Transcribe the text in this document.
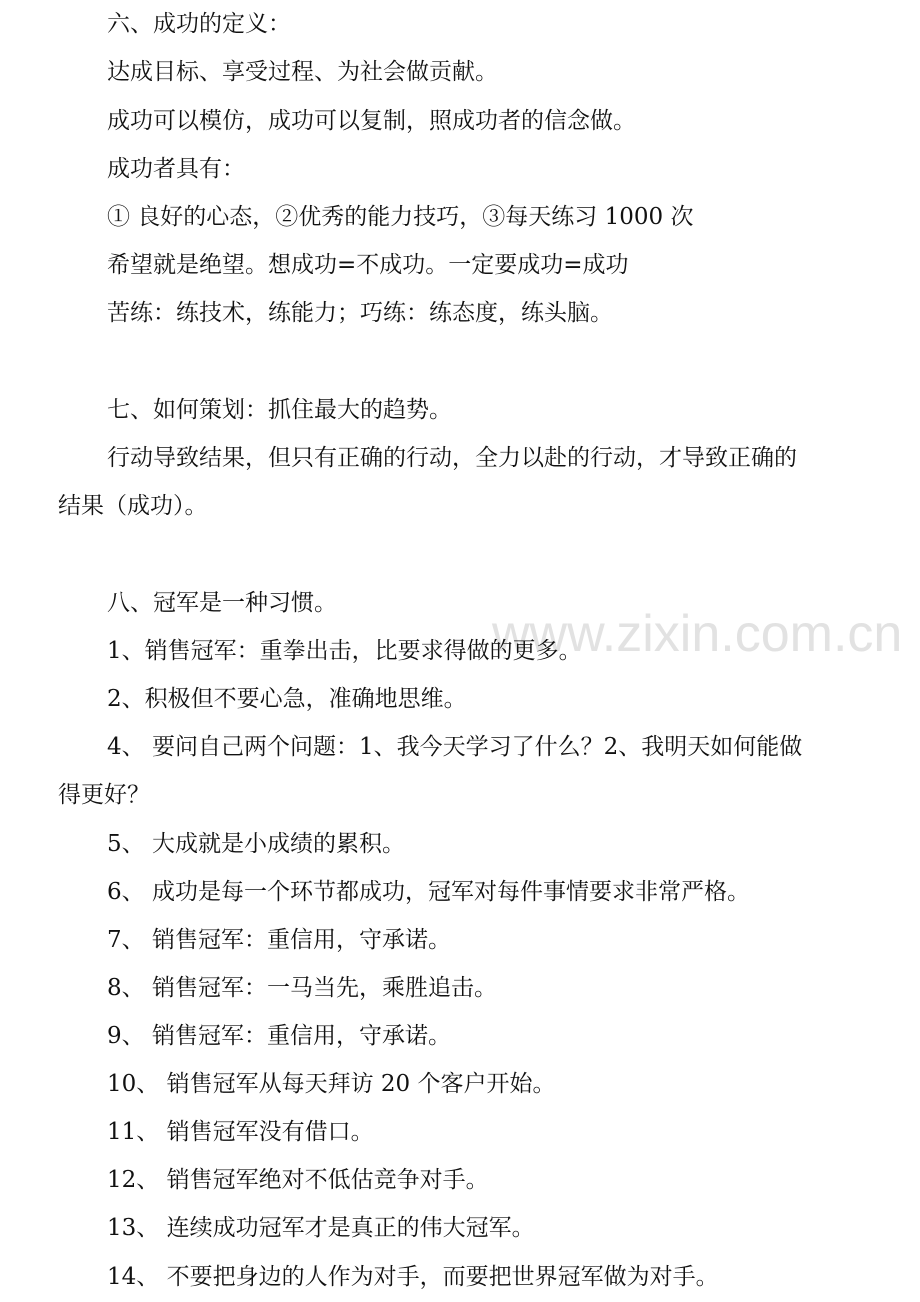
www.zixin.com.cn
六、成功的定义：
达成目标、享受过程、为社会做贡献。
成功可以模仿，成功可以复制，照成功者的信念做。
成功者具有：
① 良好的心态，②优秀的能力技巧，③每天练习 1000 次
希望就是绝望。想成功=不成功。一定要成功=成功
苦练：练技术，练能力；巧练：练态度，练头脑。
七、如何策划：抓住最大的趋势。
行动导致结果，但只有正确的行动，全力以赴的行动，才导致正确的
结果（成功）。
八、冠军是一种习惯。
1、销售冠军：重拳出击，比要求得做的更多。
2、积极但不要心急，准确地思维。
4、 要问自己两个问题：1、我今天学习了什么？2、我明天如何能做
得更好？
5、 大成就是小成绩的累积。
6、 成功是每一个环节都成功，冠军对每件事情要求非常严格。
7、 销售冠军：重信用，守承诺。
8、 销售冠军：一马当先，乘胜追击。
9、 销售冠军：重信用，守承诺。
10、 销售冠军从每天拜访 20 个客户开始。
11、 销售冠军没有借口。
12、 销售冠军绝对不低估竞争对手。
13、 连续成功冠军才是真正的伟大冠军。
14、 不要把身边的人作为对手，而要把世界冠军做为对手。
